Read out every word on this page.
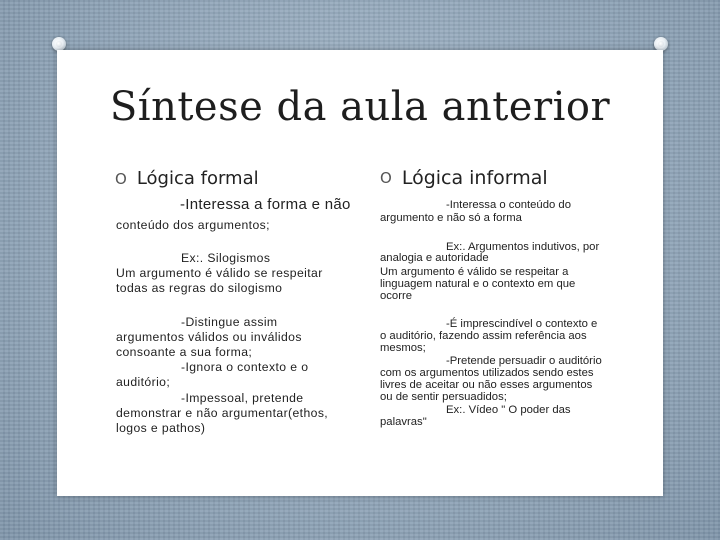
Síntese da aula anterior
O Lógica formal
-Interessa a forma e não
conteúdo dos argumentos;
Ex:. Silogismos
Um argumento é válido se respeitar
todas as regras do silogismo
-Distingue assim
argumentos válidos ou inválidos
consoante a sua forma;
-Ignora o contexto e o
auditório;
-Impessoal, pretende
demonstrar e não argumentar(ethos,
logos e pathos)
O Lógica informal
-Interessa o conteúdo do
argumento e não só a forma
Ex:. Argumentos indutivos, por
analogia e autoridade
Um argumento é válido se respeitar a
linguagem natural e o contexto em que
ocorre
-É imprescindível o contexto e
o auditório, fazendo assim referência aos
mesmos;
-Pretende persuadir o auditório
com os argumentos utilizados sendo estes
livres de aceitar ou não esses argumentos
ou de sentir persuadidos;
Ex:. Vídeo " O poder das
palavras"
